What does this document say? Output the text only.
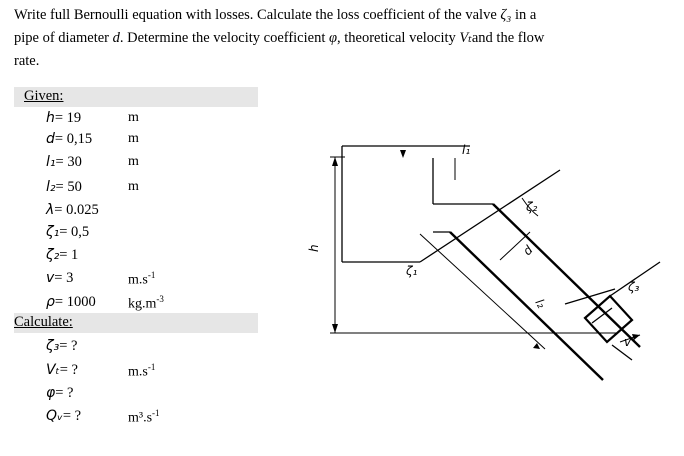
Write full Bernoulli equation with losses. Calculate the loss coefficient of the valve ζ₃ in a
pipe of diameter d. Determine the velocity coefficient φ, theoretical velocity Vₜand the flow
rate.
Given:
Calculate:
h= 19	m
d= 0,15	m
l₁= 30	m
l₂= 50	m
λ= 0.025
ζ₁= 0,5
ζ₂= 1
v= 3	$m.s^{-1}$
ρ= 1000 $kg.m^{-3}$
ζ₃= ?
Vₜ= ?	$m.s^{-1}$
φ= ?
Qᵥ= ?	$m^3.s^{-1}$
h
l₁
l₂
d
ζ₁
ζ₂
ζ₃
v
